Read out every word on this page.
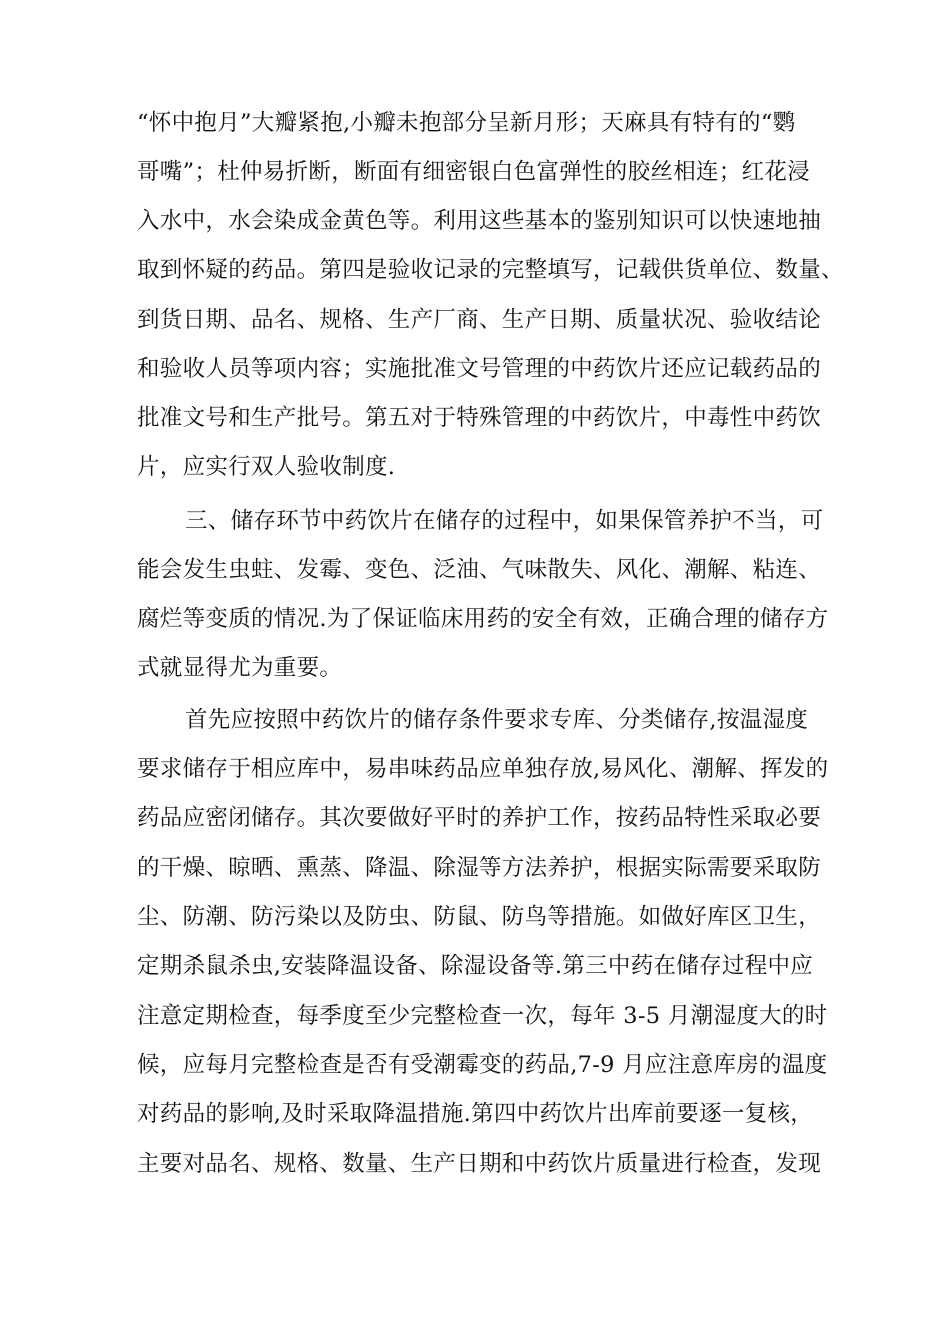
“怀中抱月”大瓣紧抱,小瓣未抱部分呈新月形；天麻具有特有的“鹦
哥嘴”；杜仲易折断，断面有细密银白色富弹性的胶丝相连；红花浸
入水中，水会染成金黄色等。利用这些基本的鉴别知识可以快速地抽
取到怀疑的药品。第四是验收记录的完整填写，记载供货单位、数量、
到货日期、品名、规格、生产厂商、生产日期、质量状况、验收结论
和验收人员等项内容；实施批准文号管理的中药饮片还应记载药品的
批准文号和生产批号。第五对于特殊管理的中药饮片，中毒性中药饮
片，应实行双人验收制度.
三、储存环节中药饮片在储存的过程中，如果保管养护不当，可
能会发生虫蛀、发霉、变色、泛油、气味散失、风化、潮解、粘连、
腐烂等变质的情况.为了保证临床用药的安全有效，正确合理的储存方
式就显得尤为重要。
首先应按照中药饮片的储存条件要求专库、分类储存,按温湿度
要求储存于相应库中，易串味药品应单独存放,易风化、潮解、挥发的
药品应密闭储存。其次要做好平时的养护工作，按药品特性采取必要
的干燥、晾晒、熏蒸、降温、除湿等方法养护，根据实际需要采取防
尘、防潮、防污染以及防虫、防鼠、防鸟等措施。如做好库区卫生，
定期杀鼠杀虫,安装降温设备、除湿设备等.第三中药在储存过程中应
注意定期检查，每季度至少完整检查一次，每年 3-5 月潮湿度大的时
候，应每月完整检查是否有受潮霉变的药品,7-9 月应注意库房的温度
对药品的影响,及时采取降温措施.第四中药饮片出库前要逐一复核，
主要对品名、规格、数量、生产日期和中药饮片质量进行检查，发现
